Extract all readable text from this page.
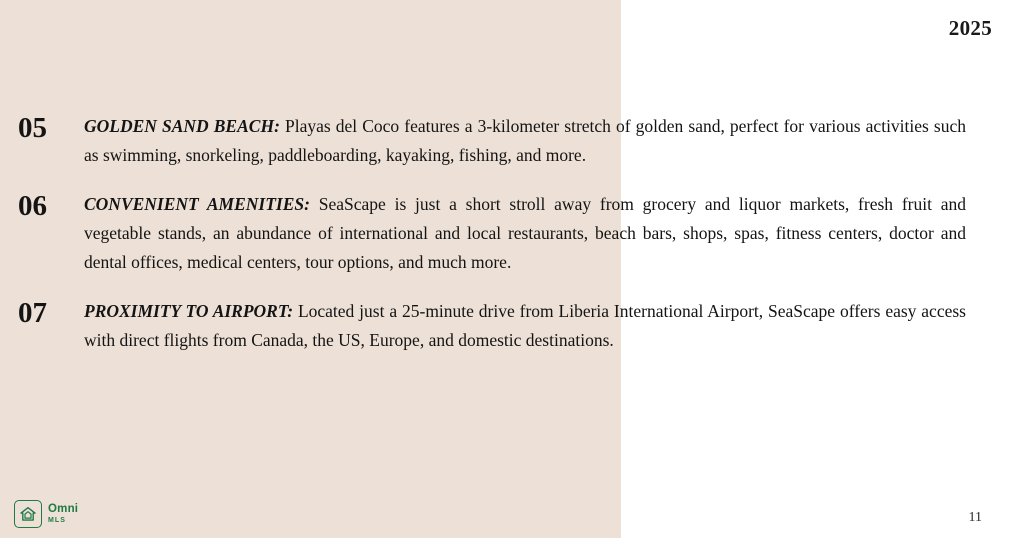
2025
05	GOLDEN SAND BEACH: Playas del Coco features a 3-kilometer stretch of golden sand, perfect for various activities such as swimming, snorkeling, paddleboarding, kayaking, fishing, and more.
06	CONVENIENT AMENITIES: SeaScape is just a short stroll away from grocery and liquor markets, fresh fruit and vegetable stands, an abundance of international and local restaurants, beach bars, shops, spas, fitness centers, doctor and dental offices, medical centers, tour options, and much more.
07	PROXIMITY TO AIRPORT: Located just a 25-minute drive from Liberia International Airport, SeaScape offers easy access with direct flights from Canada, the US, Europe, and domestic destinations.
Omni
MLS	11
